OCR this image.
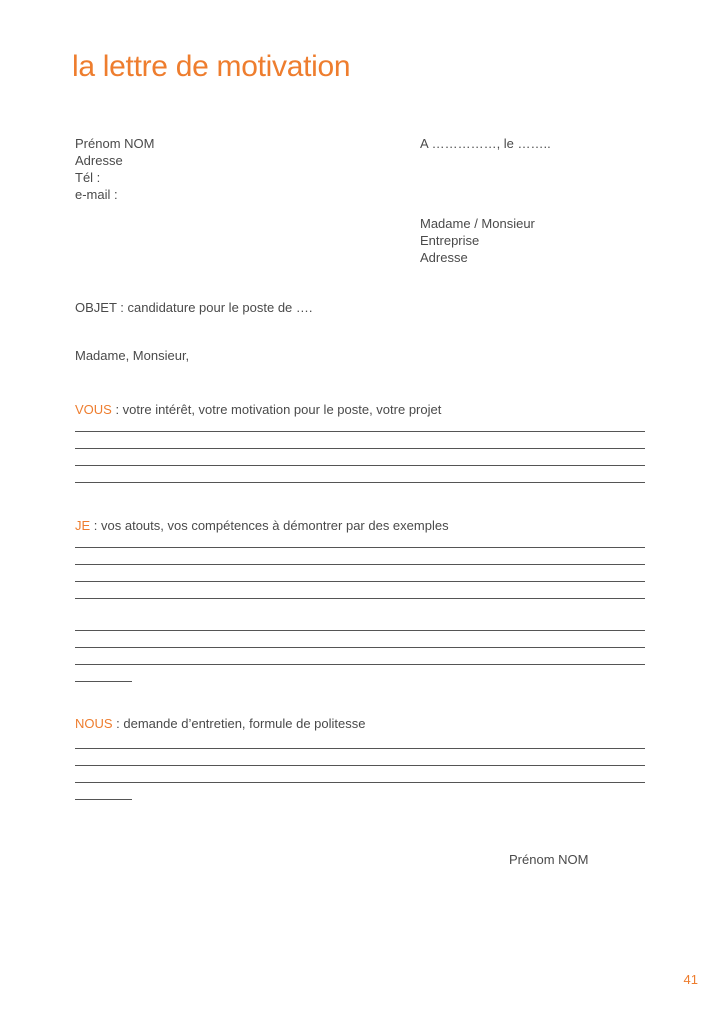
la lettre de motivation
Prénom NOM
Adresse
Tél :
e-mail :
A ……………, le ……..
Madame / Monsieur
Entreprise
Adresse
OBJET : candidature pour le poste de ….
Madame, Monsieur,
VOUS : votre intérêt, votre motivation pour le poste, votre projet
JE : vos atouts, vos compétences à démontrer par des exemples
NOUS : demande d’entretien, formule de politesse
Prénom NOM
41
